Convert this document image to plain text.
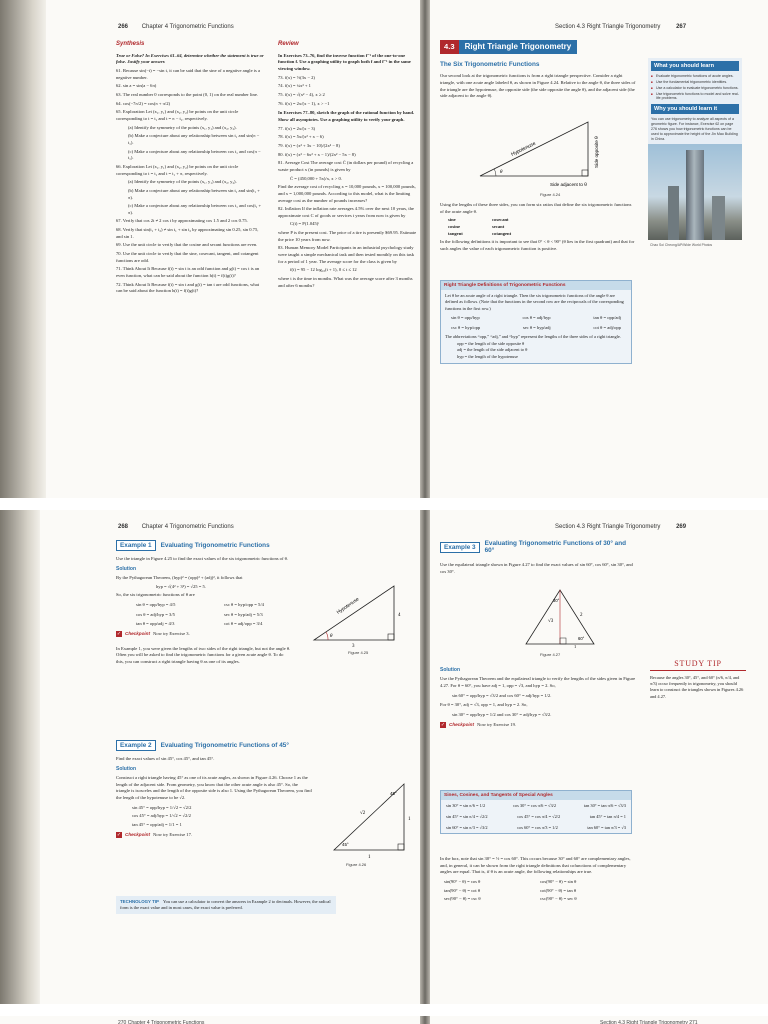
266 Chapter 4 Trigonometric Functions
Synthesis

True or False? In Exercises 61–64, determine whether the statement is true or false. Justify your answer.

61. Because sin(−t) = −sin t, it can be said that the sine of a negative angle is a negative number.

62. sin a = sin(a − 6π)

63. The real number 0 corresponds to the point (0, 1) on the real number line.

64. cos(−7π/2) = cos(π + π/2)

65. Exploration Let (x₁, y₁) and (x₂, y₂) be points on the unit circle corresponding to t = t₁ and t = π − t₁, respectively.

(a) Identify the symmetry of the points (x₁, y₁) and (x₂, y₂).

(b) Make a conjecture about any relationship between sin t₁ and sin(π − t₁).

(c) Make a conjecture about any relationship between cos t₁ and cos(π − t₁).

66. Exploration Let (x₁, y₁) and (x₂, y₂) be points on the unit circle corresponding to t = t₁ and t = t₁ + π, respectively.

(a) Identify the symmetry of the points (x₁, y₁) and (x₂, y₂).

(b) Make a conjecture about any relationship between sin t₁ and sin(t₁ + π).

(c) Make a conjecture about any relationship between cos t₁ and cos(t₁ + π).

67. Verify that cos 2t ≠ 2 cos t by approximating cos 1.5 and 2 cos 0.75.

68. Verify that sin(t₁ + t₂) ≠ sin t₁ + sin t₂ by approximating sin 0.25, sin 0.75, and sin 1.

69. Use the unit circle to verify that the cosine and secant functions are even.

70. Use the unit circle to verify that the sine, cosecant, tangent, and cotangent functions are odd.

71. Think About It Because f(t) = sin t is an odd function and g(t) = cos t is an even function, what can be said about the function h(t) = f(t)g(t)?

72. Think About It Because f(t) = sin t and g(t) = tan t are odd functions, what can be said about the function h(t) = f(t)g(t)?

Review

In Exercises 73–76, find the inverse function f⁻¹ of the one-to-one function f. Use a graphing utility to graph both f and f⁻¹ in the same viewing window.

73. f(x) = ½(3x − 2)

74. f(x) = ¼x³ + 1

75. f(x) = √(x² − 4), x ≥ 2

76. f(x) = 2x/(x − 1), x > −1

In Exercises 77–80, sketch the graph of the rational function by hand. Show all asymptotes. Use a graphing utility to verify your graph.

77. f(x) = 2x/(x − 3)

78. f(x) = 5x/(x² + x − 6)

79. f(x) = (x² + 3x − 10)/(2x² − 8)

80. f(x) = (x³ − 6x² + x − 1)/(2x² − 5x − 8)

81. Average Cost The average cost C̄ (in dollars per pound) of recycling a waste product x (in pounds) is given by

C̄ = (450,000 + 5x)/x, x > 0.

Find the average cost of recycling x = 10,000 pounds, x = 100,000 pounds, and x = 1,000,000 pounds. According to this model, what is the limiting average cost as the number of pounds increases?

82. Inflation If the inflation rate averages 4.5% over the next 10 years, the approximate cost C of goods or services t years from now is given by

C(t) = P(1.045)ᵗ

where P is the present cost. The price of a tire is presently $69.95. Estimate the price 10 years from now.

83. Human Memory Model Participants in an industrial psychology study were taught a simple mechanical task and then tested monthly on this task for a period of 1 year. The average score for the class is given by

f(t) = 95 − 12 log₁₀(t + 1), 0 ≤ t ≤ 12

where t is the time in months. What was the average score after 3 months and after 6 months?

Section 4.3 Right Triangle Trigonometry	267
4.3	Right Triangle Trigonometry
The Six Trigonometric Functions

Our second look at the trigonometric functions is from a right triangle perspective. Consider a right triangle, with one acute angle labeled θ, as shown in Figure 4.24. Relative to the angle θ, the three sides of the triangle are the hypotenuse, the opposite side (the side opposite the angle θ), and the adjacent side (the side adjacent to the angle θ).

Hypotenuse	Side opposite θ
Side adjacent to θ
θ
Figure 4.24

Using the lengths of these three sides, you can form six ratios that define the six trigonometric functions of the acute angle θ.

sine	cosecant
cosine	secant
tangent	cotangent

In the following definitions it is important to see that 0° < θ < 90° (θ lies in the first quadrant) and that for such angles the value of each trigonometric function is positive.

What you should learn
■ Evaluate trigonometric functions of acute angles.
■ Use the fundamental trigonometric identities.
■ Use a calculator to evaluate trigonometric functions.
■ Use trigonometric functions to model and solve real-life problems.
Why you should learn it
You can use trigonometry to analyze all aspects of a geometric figure. For instance, Exercise 62 on page 276 shows you how trigonometric functions can be used to approximate the height of the Jin Mao Building in China.
Chao Soi Cheong/AP/Wide World Photos
Right Triangle Definitions of Trigonometric Functions

Let θ be an acute angle of a right triangle. Then the six trigonometric functions of the angle θ are defined as follows. (Note that the functions in the second row are the reciprocals of the corresponding functions in the first row.)

sin θ = opp/hyp	cos θ = adj/hyp	tan θ = opp/adj
csc θ = hyp/opp	sec θ = hyp/adj	cot θ = adj/opp

The abbreviations “opp,” “adj,” and “hyp” represent the lengths of the three sides of a right triangle.

opp = the length of the side opposite θ

adj = the length of the side adjacent to θ

hyp = the length of the hypotenuse

268 Chapter 4 Trigonometric Functions	Section 4.3 Right Triangle Trigonometry	269
Example 1	Evaluating Trigonometric Functions

Use the triangle in Figure 4.25 to find the exact values of the six trigonometric functions of θ.

Solution

By the Pythagorean Theorem, (hyp)² = (opp)² + (adj)², it follows that

hyp = √(4² + 3²) = √25 = 5.

So, the six trigonometric functions of θ are

sin θ = opp/hyp = 4/5	csc θ = hyp/opp = 5/4
cos θ = adj/hyp = 3/5	sec θ = hyp/adj = 5/3
tan θ = opp/adj = 4/3	cot θ = adj/opp = 3/4
✓ Checkpoint Now try Exercise 3.

In Example 1, you were given the lengths of two sides of the right triangle, but not the angle θ. Often you will be asked to find the trigonometric functions for a given acute angle θ. To do this, you can construct a right triangle having θ as one of its angles.

Hypotenuse	4
3
θ
Figure 4.25
Example 2	Evaluating Trigonometric Functions of 45°

Find the exact values of sin 45°, cos 45°, and tan 45°.

Solution

Construct a right triangle having 45° as one of its acute angles, as shown in Figure 4.26. Choose 1 as the length of the adjacent side. From geometry, you know that the other acute angle is also 45°. So, the triangle is isosceles and the length of the opposite side is also 1. Using the Pythagorean Theorem, you find the length of the hypotenuse to be √2.

sin 45° = opp/hyp = 1/√2 = √2/2

cos 45° = adj/hyp = 1/√2 = √2/2

tan 45° = opp/adj = 1/1 = 1

✓ Checkpoint Now try Exercise 17.
45°
45°
√2
1
1
Figure 4.26
TECHNOLOGY TIP You can use a calculator to convert the answers in Example 2 to decimals. However, the radical form is the exact value and in most cases, the exact value is preferred.
Example 3
Evaluating Trigonometric Functions of 30° and 60°

Use the equilateral triangle shown in Figure 4.27 to find the exact values of sin 60°, cos 60°, sin 30°, and cos 30°.

30°
60°
√3
2
1
Figure 4.27
Solution

Use the Pythagorean Theorem and the equilateral triangle to verify the lengths of the sides given in Figure 4.27. For θ = 60°, you have adj = 1, opp = √3, and hyp = 2. So,

sin 60° = opp/hyp = √3/2 and cos 60° = adj/hyp = 1/2.

For θ = 30°, adj = √3, opp = 1, and hyp = 2. So,

sin 30° = opp/hyp = 1/2 and cos 30° = adj/hyp = √3/2.

✓ Checkpoint Now try Exercise 19.
STUDY TIP

Because the angles 30°, 45°, and 60° (π/6, π/4, and π/3) occur frequently in trigonometry, you should learn to construct the triangles shown in Figures 4.26 and 4.27.

Sines, Cosines, and Tangents of Special Angles
sin 30° = sin π/6 = 1/2	cos 30° = cos π/6 = √3/2	tan 30° = tan π/6 = √3/3
sin 45° = sin π/4 = √2/2	cos 45° = cos π/4 = √2/2	tan 45° = tan π/4 = 1
sin 60° = sin π/3 = √3/2	cos 60° = cos π/3 = 1/2	tan 60° = tan π/3 = √3

In the box, note that sin 30° = ½ = cos 60°. This occurs because 30° and 60° are complementary angles, and, in general, it can be shown from the right triangle definitions that cofunctions of complementary angles are equal. That is, if θ is an acute angle, the following relationships are true.

sin(90° − θ) = cos θ	cos(90° − θ) = sin θ
tan(90° − θ) = cot θ	cot(90° − θ) = tan θ
sec(90° − θ) = csc θ	csc(90° − θ) = sec θ
270 Chapter 4 Trigonometric Functions	Section 4.3 Right Triangle Trigonometry 271
